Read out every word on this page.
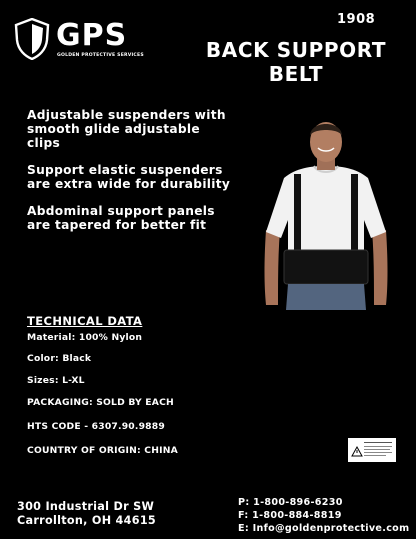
GPS
GOLDEN PROTECTIVE SERVICES
1908
BACK SUPPORT
BELT
Adjustable suspenders with
smooth glide adjustable
clips
Support elastic suspenders
are extra wide for durability
Abdominal support panels
are tapered for better fit
TECHNICAL DATA
Material: 100% Nylon
Color: Black
Sizes: L-XL
PACKAGING: SOLD BY EACH
HTS CODE - 6307.90.9889
COUNTRY OF ORIGIN: CHINA
300 Industrial Dr SW
Carrollton, OH 44615
P: 1-800-896-6230
F: 1-800-884-8819
E: Info@goldenprotective.com
